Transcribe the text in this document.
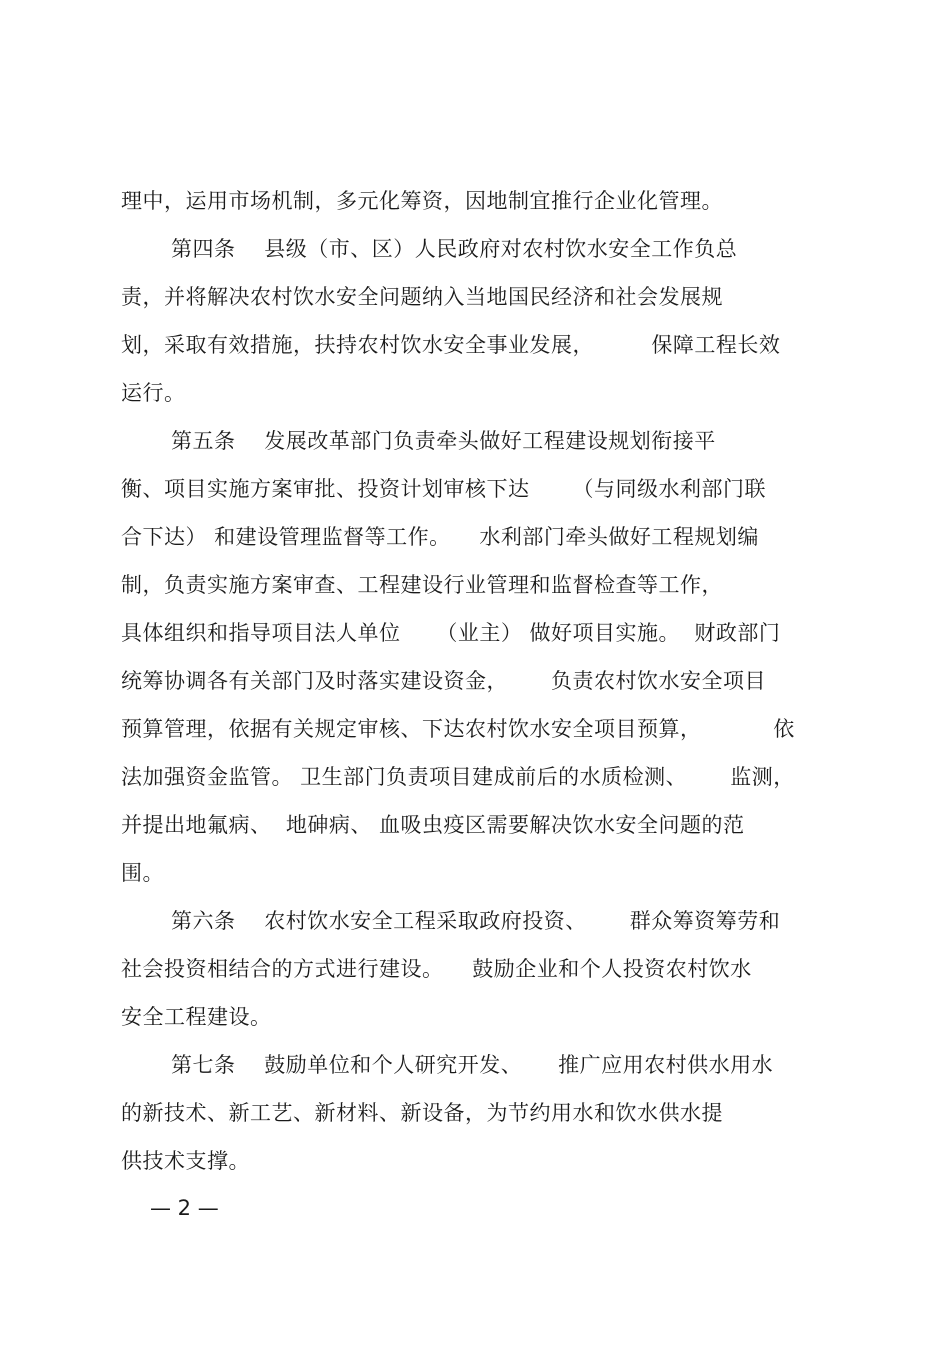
理中，运用市场机制，多元化筹资，因地制宜推行企业化管理。
第四条    县级（市、区）人民政府对农村饮水安全工作负总
责，并将解决农村饮水安全问题纳入当地国民经济和社会发展规
划，采取有效措施，扶持农村饮水安全事业发展，        保障工程长效
运行。
第五条    发展改革部门负责牵头做好工程建设规划衔接平
衡、项目实施方案审批、投资计划审核下达      （与同级水利部门联
合下达） 和建设管理监督等工作。    水利部门牵头做好工程规划编
制，负责实施方案审查、工程建设行业管理和监督检查等工作，
具体组织和指导项目法人单位     （业主） 做好项目实施。  财政部门
统筹协调各有关部门及时落实建设资金，      负责农村饮水安全项目
预算管理，依据有关规定审核、下达农村饮水安全项目预算，          依
法加强资金监管。 卫生部门负责项目建成前后的水质检测、      监测，
并提出地氟病、  地砷病、 血吸虫疫区需要解决饮水安全问题的范
围。
第六条    农村饮水安全工程采取政府投资、      群众筹资筹劳和
社会投资相结合的方式进行建设。    鼓励企业和个人投资农村饮水
安全工程建设。
第七条    鼓励单位和个人研究开发、     推广应用农村供水用水
的新技术、新工艺、新材料、新设备，为节约用水和饮水供水提
供技术支撑。
— 2 —
